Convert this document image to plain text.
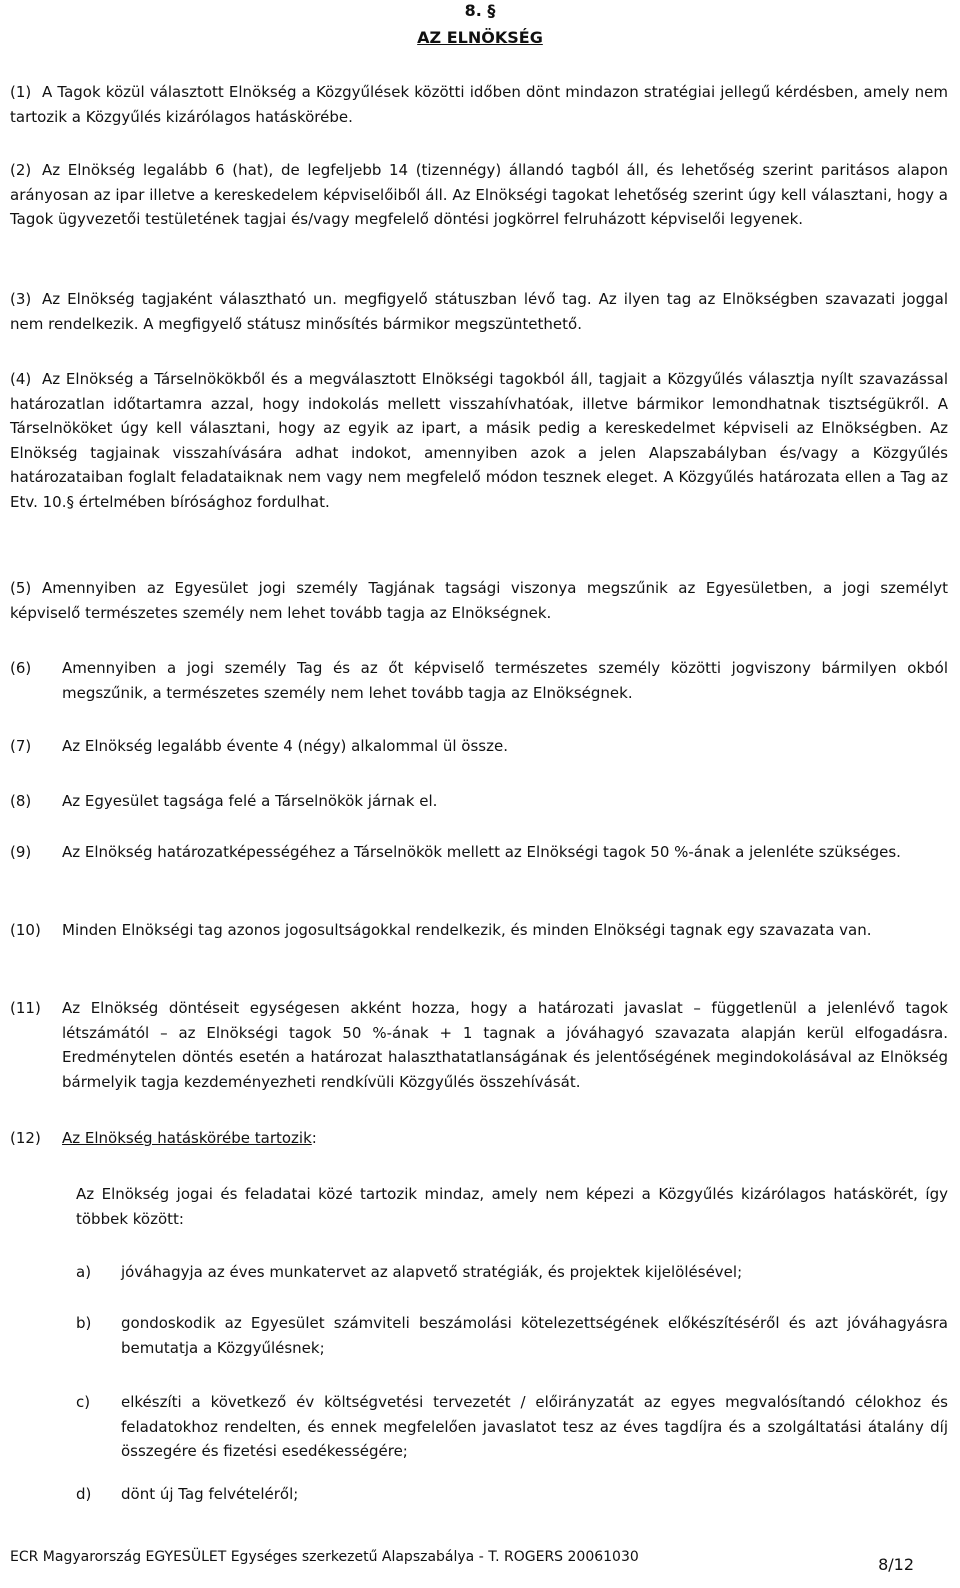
8. §
AZ ELNÖKSÉG
(1) A Tagok közül választott Elnökség a Közgyűlések közötti időben dönt mindazon stratégiai jellegű kérdésben, amely nem tartozik a Közgyűlés kizárólagos hatáskörébe.
(2) Az Elnökség legalább 6 (hat), de legfeljebb 14 (tizennégy) állandó tagból áll, és lehetőség szerint paritásos alapon arányosan az ipar illetve a kereskedelem képviselőiből áll. Az Elnökségi tagokat lehetőség szerint úgy kell választani, hogy a Tagok ügyvezetői testületének tagjai és/vagy megfelelő döntési jogkörrel felruházott képviselői legyenek.
(3) Az Elnökség tagjaként választható un. megfigyelő státuszban lévő tag. Az ilyen tag az Elnökségben szavazati joggal nem rendelkezik. A megfigyelő státusz minősítés bármikor megszüntethető.
(4) Az Elnökség a Társelnökökből és a megválasztott Elnökségi tagokból áll, tagjait a Közgyűlés választja nyílt szavazással határozatlan időtartamra azzal, hogy indokolás mellett visszahívhatóak, illetve bármikor lemondhatnak tisztségükről. A Társelnököket úgy kell választani, hogy az egyik az ipart, a másik pedig a kereskedelmet képviseli az Elnökségben. Az Elnökség tagjainak visszahívására adhat indokot, amennyiben azok a jelen Alapszabályban és/vagy a Közgyűlés határozataiban foglalt feladataiknak nem vagy nem megfelelő módon tesznek eleget. A Közgyűlés határozata ellen a Tag az Etv. 10.§ értelmében bírósághoz fordulhat.
(5) Amennyiben az Egyesület jogi személy Tagjának tagsági viszonya megszűnik az Egyesületben, a jogi személyt képviselő természetes személy nem lehet tovább tagja az Elnökségnek.
(6) Amennyiben a jogi személy Tag és az őt képviselő természetes személy közötti jogviszony bármilyen okból megszűnik, a természetes személy nem lehet tovább tagja az Elnökségnek.
(7) Az Elnökség legalább évente 4 (négy) alkalommal ül össze.
(8) Az Egyesület tagsága felé a Társelnökök járnak el.
(9) Az Elnökség határozatképességéhez a Társelnökök mellett az Elnökségi tagok 50 %-ának a jelenléte szükséges.
(10) Minden Elnökségi tag azonos jogosultságokkal rendelkezik, és minden Elnökségi tagnak egy szavazata van.
(11) Az Elnökség döntéseit egységesen akként hozza, hogy a határozati javaslat – függetlenül a jelenlévő tagok létszámától – az Elnökségi tagok 50 %-ának + 1 tagnak a jóváhagyó szavazata alapján kerül elfogadásra. Eredménytelen döntés esetén a határozat halaszthatatlanságának és jelentőségének megindokolásával az Elnökség bármelyik tagja kezdeményezheti rendkívüli Közgyűlés összehívását.
(12) Az Elnökség hatáskörébe tartozik:
Az Elnökség jogai és feladatai közé tartozik mindaz, amely nem képezi a Közgyűlés kizárólagos hatáskörét, így többek között:
a) jóváhagyja az éves munkatervet az alapvető stratégiák, és projektek kijelölésével;
b) gondoskodik az Egyesület számviteli beszámolási kötelezettségének előkészítéséről és azt jóváhagyásra bemutatja a Közgyűlésnek;
c) elkészíti a következő év költségvetési tervezetét / előirányzatát az egyes megvalósítandó célokhoz és feladatokhoz rendelten, és ennek megfelelően javaslatot tesz az éves tagdíjra és a szolgáltatási átalány díj összegére és fizetési esedékességére;
d) dönt új Tag felvételéről;
ECR Magyarország EGYESÜLET Egységes szerkezetű Alapszabálya - T. ROGERS 20061030	8/12
